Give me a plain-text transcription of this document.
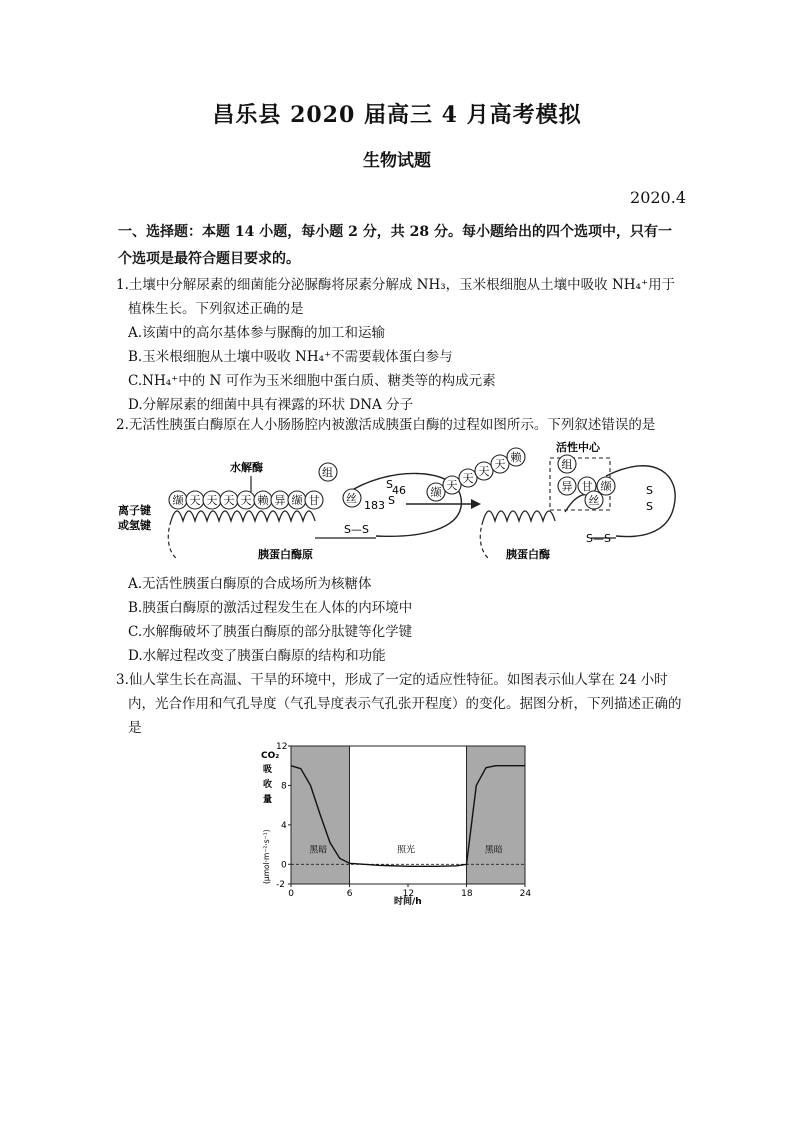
昌乐县 2020 届高三 4 月高考模拟
生物试题
2020.4
一、选择题：本题 14 小题，每小题 2 分，共 28 分。每小题给出的四个选项中，只有一个选项是最符合题目要求的。
1.土壤中分解尿素的细菌能分泌脲酶将尿素分解成 NH₃，玉米根细胞从土壤中吸收 NH₄⁺用于植株生长。下列叙述正确的是
A.该菌中的高尔基体参与脲酶的加工和运输
B.玉米根细胞从土壤中吸收 NH₄⁺不需要载体蛋白参与
C.NH₄⁺中的 N 可作为玉米细胞中蛋白质、糖类等的构成元素
D.分解尿素的细菌中具有裸露的环状 DNA 分子
2.无活性胰蛋白酶原在人小肠肠腔内被激活成胰蛋白酶的过程如图所示。下列叙述错误的是
缬 天 天 天 天 赖 异 缬 甘
水解酶
离子键
或氢键
胰蛋白酶原
S—S
46
183
S
S
组
丝	缬
天
天
天
天
赖
活性中心
组
异 甘 缬
丝
S
S
S—S
胰蛋白酶
A.无活性胰蛋白酶原的合成场所为核糖体
B.胰蛋白酶原的激活过程发生在人体的内环境中
C.水解酶破坏了胰蛋白酶原的部分肽键等化学键
D.水解过程改变了胰蛋白酶原的结构和功能
3.仙人掌生长在高温、干旱的环境中，形成了一定的适应性特征。如图表示仙人掌在 24 小时内，光合作用和气孔导度（气孔导度表示气孔张开程度）的变化。据图分析，下列描述正确的是
0	6	12	18	24
12
8
4
0
-2
时间/h
CO₂
吸
收
量
(μmol·m⁻²·s⁻¹)	黑暗	照光	黑暗
